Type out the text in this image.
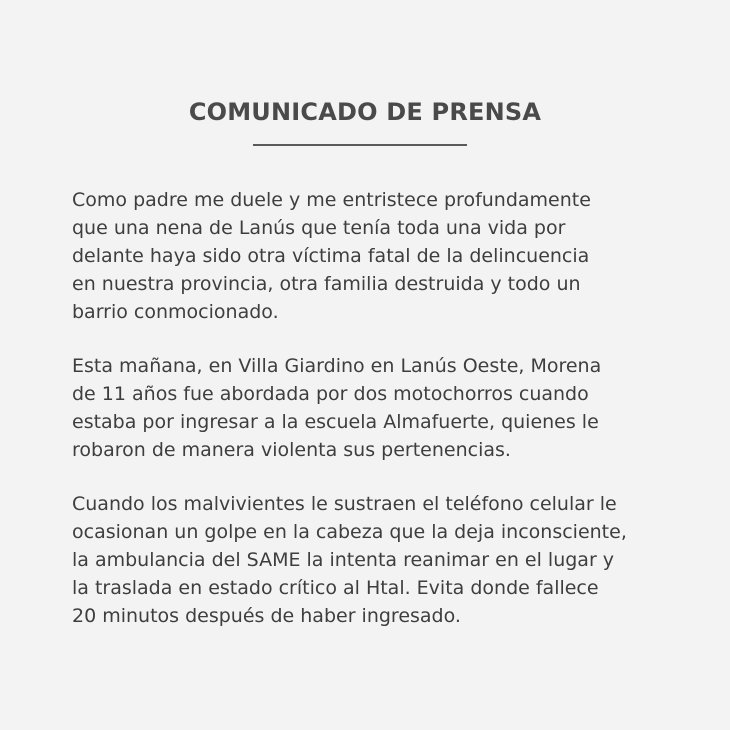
COMUNICADO DE PRENSA

Como padre me duele y me entristece profundamente
que una nena de Lanús que tenía toda una vida por
delante haya sido otra víctima fatal de la delincuencia
en nuestra provincia, otra familia destruida y todo un
barrio conmocionado.

Esta mañana, en Villa Giardino en Lanús Oeste, Morena
de 11 años fue abordada por dos motochorros cuando
estaba por ingresar a la escuela Almafuerte, quienes le
robaron de manera violenta sus pertenencias.

Cuando los malvivientes le sustraen el teléfono celular le
ocasionan un golpe en la cabeza que la deja inconsciente,
la ambulancia del SAME la intenta reanimar en el lugar y
la traslada en estado crítico al Htal. Evita donde fallece
20 minutos después de haber ingresado.
